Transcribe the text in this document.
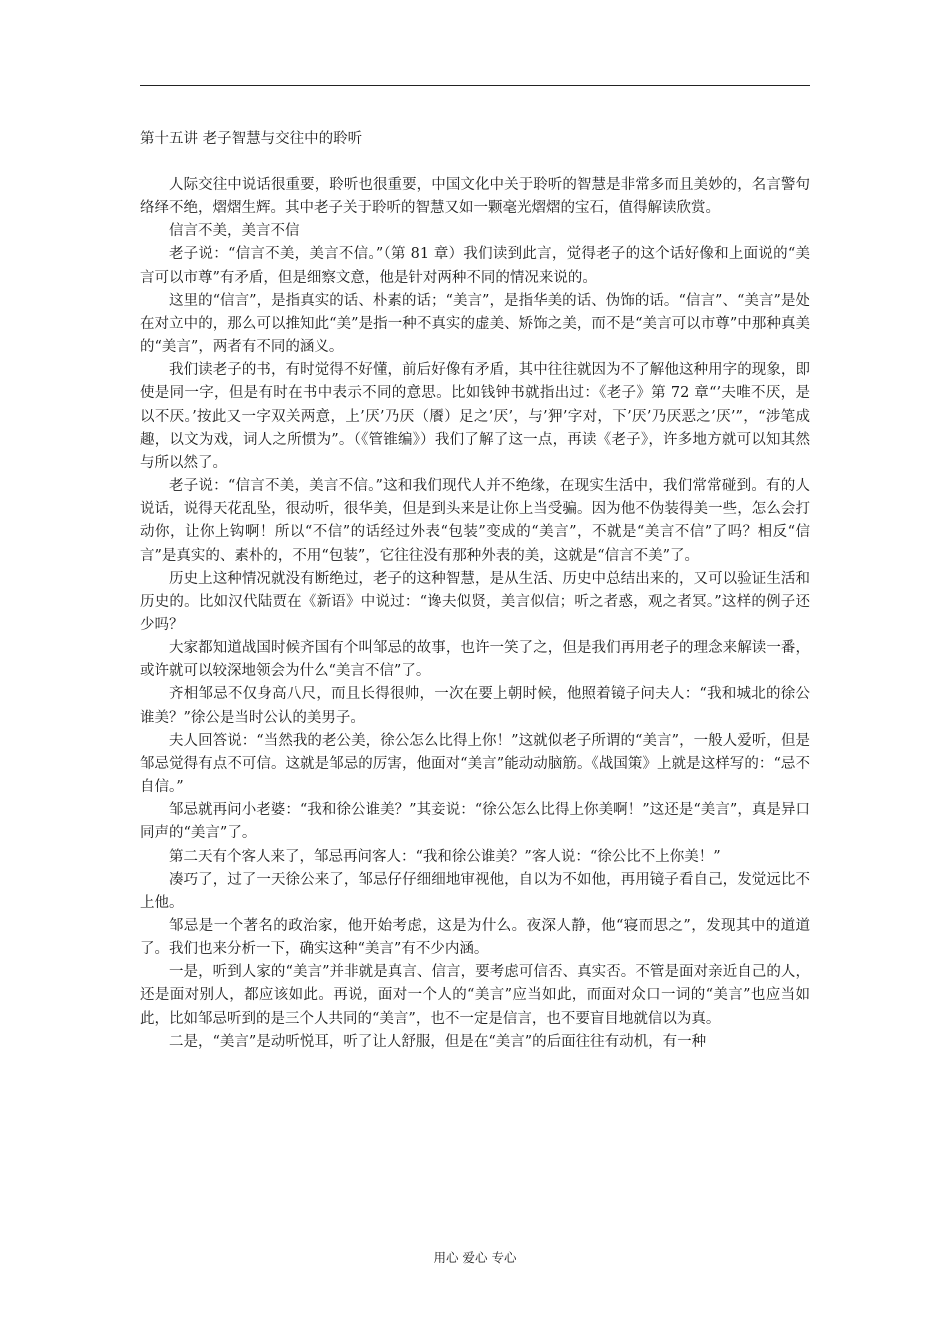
第十五讲 老子智慧与交往中的聆听

人际交往中说话很重要，聆听也很重要，中国文化中关于聆听的智慧是非常多而且美妙的，名言警句络绎不绝，熠熠生辉。其中老子关于聆听的智慧又如一颗毫光熠熠的宝石，值得解读欣赏。

信言不美，美言不信

老子说：“信言不美，美言不信。”（第 81 章）我们读到此言，觉得老子的这个话好像和上面说的“美言可以市尊”有矛盾，但是细察文意，他是针对两种不同的情况来说的。

这里的“信言”，是指真实的话、朴素的话；“美言”，是指华美的话、伪饰的话。“信言”、“美言”是处在对立中的，那么可以推知此“美”是指一种不真实的虚美、矫饰之美，而不是“美言可以市尊”中那种真美的“美言”，两者有不同的涵义。

我们读老子的书，有时觉得不好懂，前后好像有矛盾，其中往往就因为不了解他这种用字的现象，即使是同一字，但是有时在书中表示不同的意思。比如钱钟书就指出过：《老子》第 72 章“’夫唯不厌，是以不厌。’按此又一字双关两意，上’厌’乃厌（餍）足之’厌’，与’狎’字对，下’厌’乃厌恶之’厌’”，“涉笔成趣，以文为戏，词人之所惯为”。（《管锥编》）我们了解了这一点，再读《老子》，许多地方就可以知其然与所以然了。

老子说：“信言不美，美言不信。”这和我们现代人并不绝缘，在现实生活中，我们常常碰到。有的人说话，说得天花乱坠，很动听，很华美，但是到头来是让你上当受骗。因为他不伪装得美一些，怎么会打动你，让你上钩啊！所以“不信”的话经过外表“包装”变成的“美言”，不就是“美言不信”了吗？相反“信言”是真实的、素朴的，不用“包装”，它往往没有那种外表的美，这就是“信言不美”了。

历史上这种情况就没有断绝过，老子的这种智慧，是从生活、历史中总结出来的，又可以验证生活和历史的。比如汉代陆贾在《新语》中说过：“谗夫似贤，美言似信；听之者惑，观之者冥。”这样的例子还少吗？

大家都知道战国时候齐国有个叫邹忌的故事，也许一笑了之，但是我们再用老子的理念来解读一番，或许就可以较深地领会为什么“美言不信”了。

齐相邹忌不仅身高八尺，而且长得很帅，一次在要上朝时候，他照着镜子问夫人：“我和城北的徐公谁美？”徐公是当时公认的美男子。

夫人回答说：“当然我的老公美，徐公怎么比得上你！”这就似老子所谓的“美言”，一般人爱听，但是邹忌觉得有点不可信。这就是邹忌的厉害，他面对“美言”能动动脑筋。《战国策》上就是这样写的：“忌不自信。”

邹忌就再问小老婆：“我和徐公谁美？”其妾说：“徐公怎么比得上你美啊！”这还是“美言”，真是异口同声的“美言”了。

第二天有个客人来了，邹忌再问客人：“我和徐公谁美？”客人说：“徐公比不上你美！”

凑巧了，过了一天徐公来了，邹忌仔仔细细地审视他，自以为不如他，再用镜子看自己，发觉远比不上他。

邹忌是一个著名的政治家，他开始考虑，这是为什么。夜深人静，他“寝而思之”，发现其中的道道了。我们也来分析一下，确实这种“美言”有不少内涵。

一是，听到人家的“美言”并非就是真言、信言，要考虑可信否、真实否。不管是面对亲近自己的人，还是面对别人，都应该如此。再说，面对一个人的“美言”应当如此，而面对众口一词的“美言”也应当如此，比如邹忌听到的是三个人共同的“美言”，也不一定是信言，也不要盲目地就信以为真。

二是，“美言”是动听悦耳，听了让人舒服，但是在“美言”的后面往往有动机，有一种

用心 爱心 专心
